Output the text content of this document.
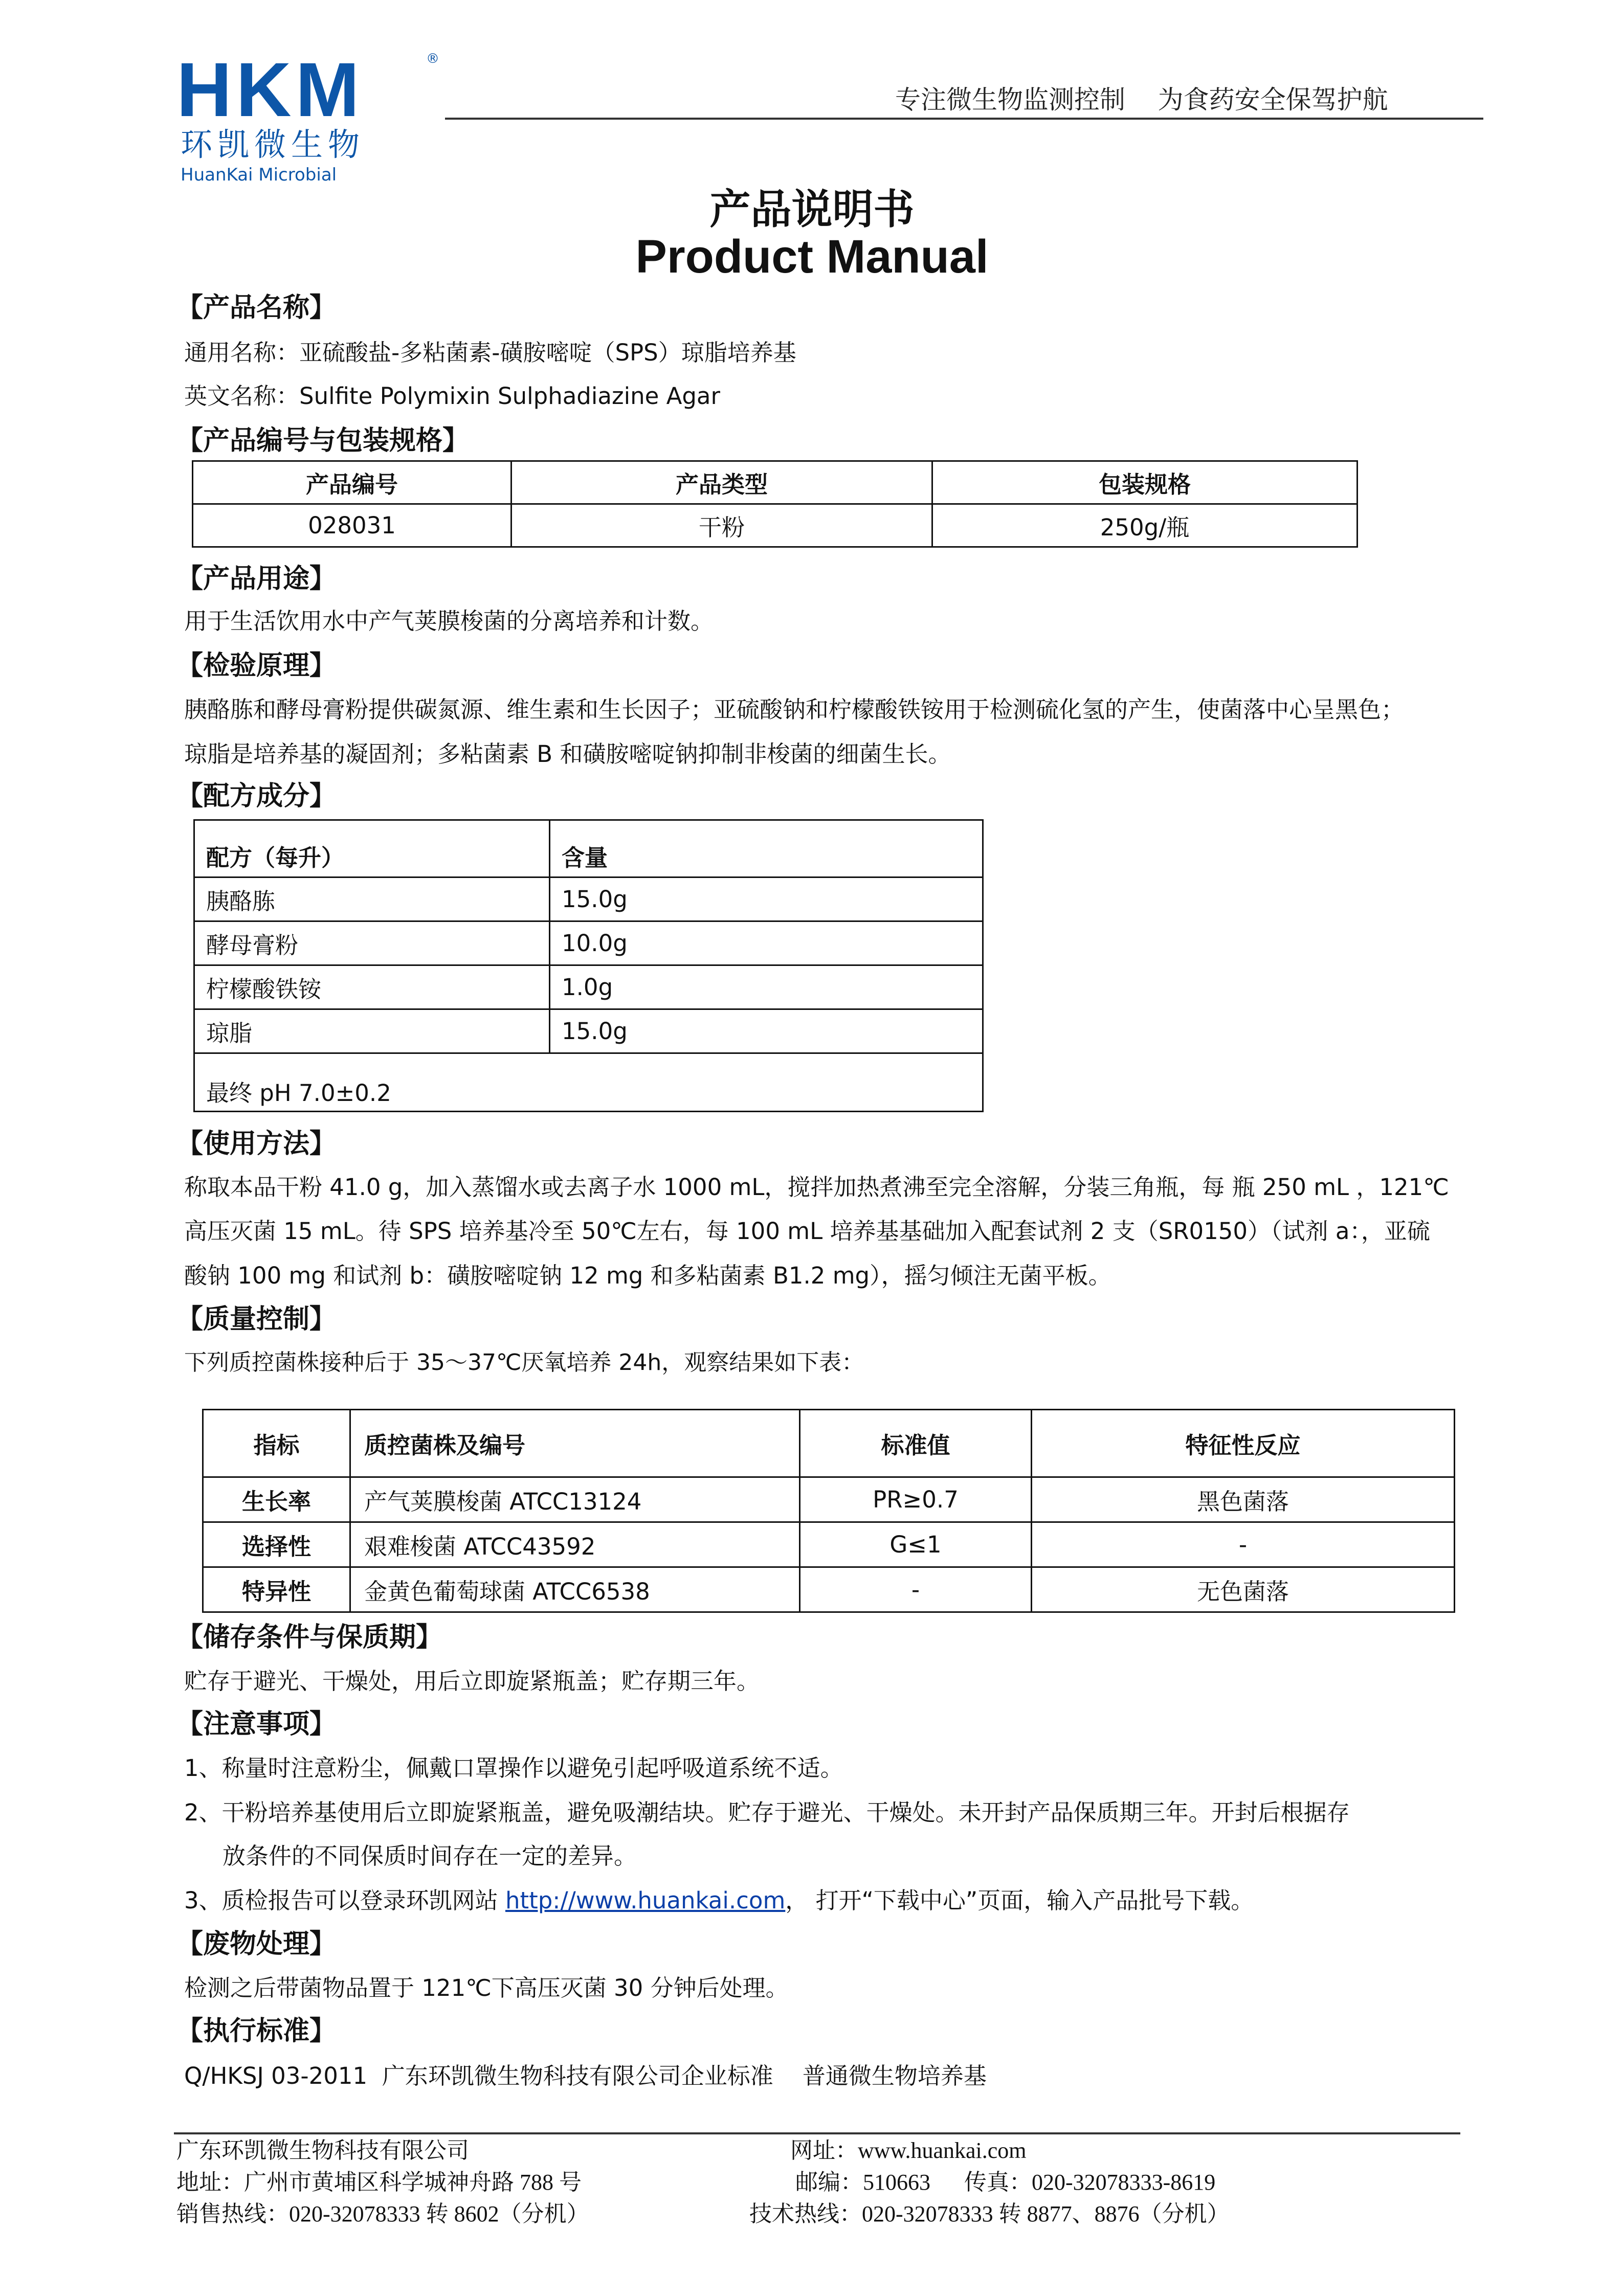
HKM	®
环凯微生物
HuanKai Microbial
专注微生物监测控制    为食药安全保驾护航
产品说明书
Product Manual
【产品名称】
通用名称：亚硫酸盐-多粘菌素-磺胺嘧啶（SPS）琼脂培养基
英文名称：Sulfite Polymixin Sulphadiazine Agar
【产品编号与包装规格】
产品编号	产品类型	包装规格
028031	干粉	250g/瓶
【产品用途】
用于生活饮用水中产气荚膜梭菌的分离培养和计数。
【检验原理】
胰酪胨和酵母膏粉提供碳氮源、维生素和生长因子；亚硫酸钠和柠檬酸铁铵用于检测硫化氢的产生，使菌落中心呈黑色；
琼脂是培养基的凝固剂；多粘菌素 B 和磺胺嘧啶钠抑制非梭菌的细菌生长。
【配方成分】
配方（每升）	含量
胰酪胨	15.0g
酵母膏粉	10.0g
柠檬酸铁铵	1.0g
琼脂	15.0g
最终 pH 7.0±0.2	
【使用方法】
称取本品干粉 41.0 g，加入蒸馏水或去离子水 1000 mL，搅拌加热煮沸至完全溶解，分装三角瓶，每 瓶 250 mL ，121℃
高压灭菌 15 mL。待 SPS 培养基冷至 50℃左右，每 100 mL 培养基基础加入配套试剂 2 支（SR0150）（试剂 a：，亚硫
酸钠 100 mg 和试剂 b：磺胺嘧啶钠 12 mg 和多粘菌素 B1.2 mg），摇匀倾注无菌平板。
【质量控制】
下列质控菌株接种后于 35～37℃厌氧培养 24h，观察结果如下表：
指标	质控菌株及编号	标准值	特征性反应
生长率	产气荚膜梭菌 ATCC13124	PR≥0.7	黑色菌落
选择性	艰难梭菌 ATCC43592	G≤1	-
特异性	金黄色葡萄球菌 ATCC6538	-	无色菌落
【储存条件与保质期】
贮存于避光、干燥处，用后立即旋紧瓶盖；贮存期三年。
【注意事项】
1、称量时注意粉尘，佩戴口罩操作以避免引起呼吸道系统不适。
2、干粉培养基使用后立即旋紧瓶盖，避免吸潮结块。贮存于避光、干燥处。未开封产品保质期三年。开封后根据存
放条件的不同保质时间存在一定的差异。
3、质检报告可以登录环凯网站 http://www.huankai.com， 打开“下载中心”页面，输入产品批号下载。
【废物处理】
检测之后带菌物品置于 121℃下高压灭菌 30 分钟后处理。
【执行标准】
Q/HKSJ 03-2011  广东环凯微生物科技有限公司企业标准    普通微生物培养基
广东环凯微生物科技有限公司	网址：www.huankai.com
地址：广州市黄埔区科学城神舟路 788 号	邮编：510663      传真：020-32078333-8619
销售热线：020-32078333 转 8602（分机）	技术热线：020-32078333 转 8877、8876（分机）
